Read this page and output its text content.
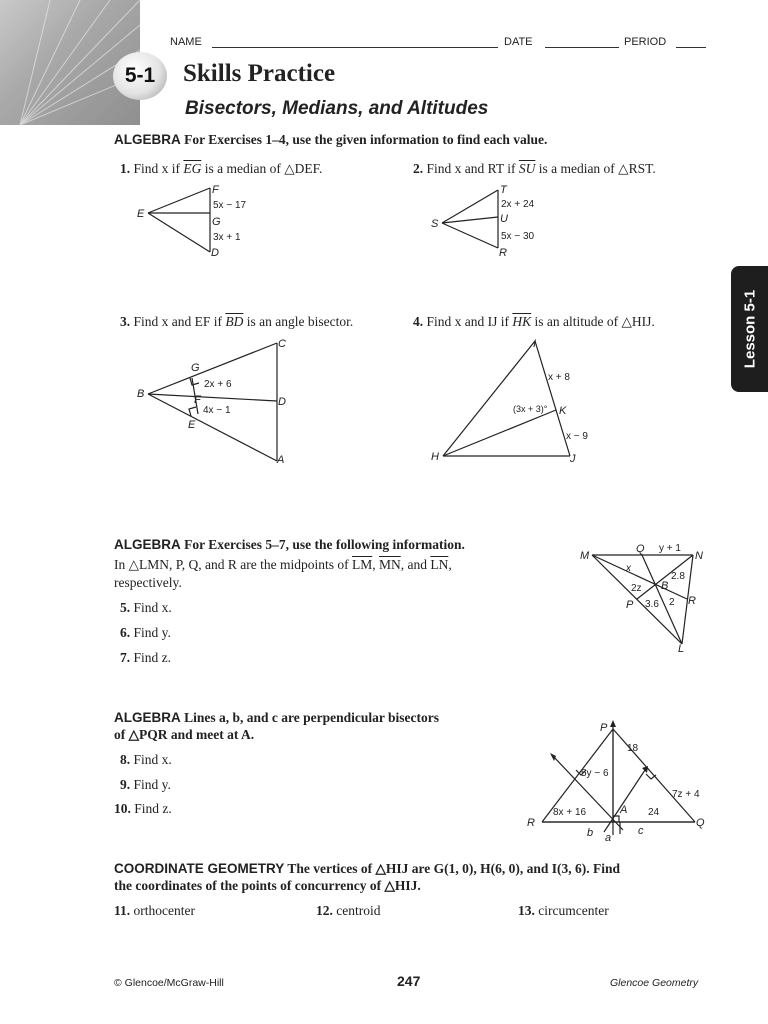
5-1	Skills Practice
Bisectors, Medians, and Altitudes
NAME	DATE	PERIOD
Lesson 5-1
ALGEBRA For Exercises 1–4, use the given information to find each value.
1. Find x if $\overline{EG}$ is a median of △DEF.	2. Find x and RT if $\overline{SU}$ is a median of △RST.
F
E
G
D
5x − 17
3x + 1
T
S	U
R
2x + 24
5x − 30
3. Find x and EF if $\overline{BD}$ is an angle bisector.	4. Find x and IJ if $\overline{HK}$ is an altitude of △HIJ.
G
C
B	F	D
E
A
2x + 6
4x − 1
I
K
H	J
x + 8
(3x + 3)°
x − 9
ALGEBRA For Exercises 5–7, use the following information.
In △LMN, P, Q, and R are the midpoints of $\overline{LM}$, $\overline{MN}$, and $\overline{LN}$,
respectively.
5. Find x.
6. Find y.
7. Find z.
M
Q y + 1
N
x
2.8
2z B
P 3.6 2 R
L
ALGEBRA Lines a, b, and c are perpendicular bisectors
of △PQR and meet at A.
8. Find x.
9. Find y.
10. Find z.
P
18
5y − 6
7z + 4
8x + 16	A 24
R	Q
b a
c
COORDINATE GEOMETRY The vertices of △HIJ are G(1, 0), H(6, 0), and I(3, 6). Find
the coordinates of the points of concurrency of △HIJ.
11. orthocenter	12. centroid	13. circumcenter
© Glencoe/McGraw-Hill	247	Glencoe Geometry
